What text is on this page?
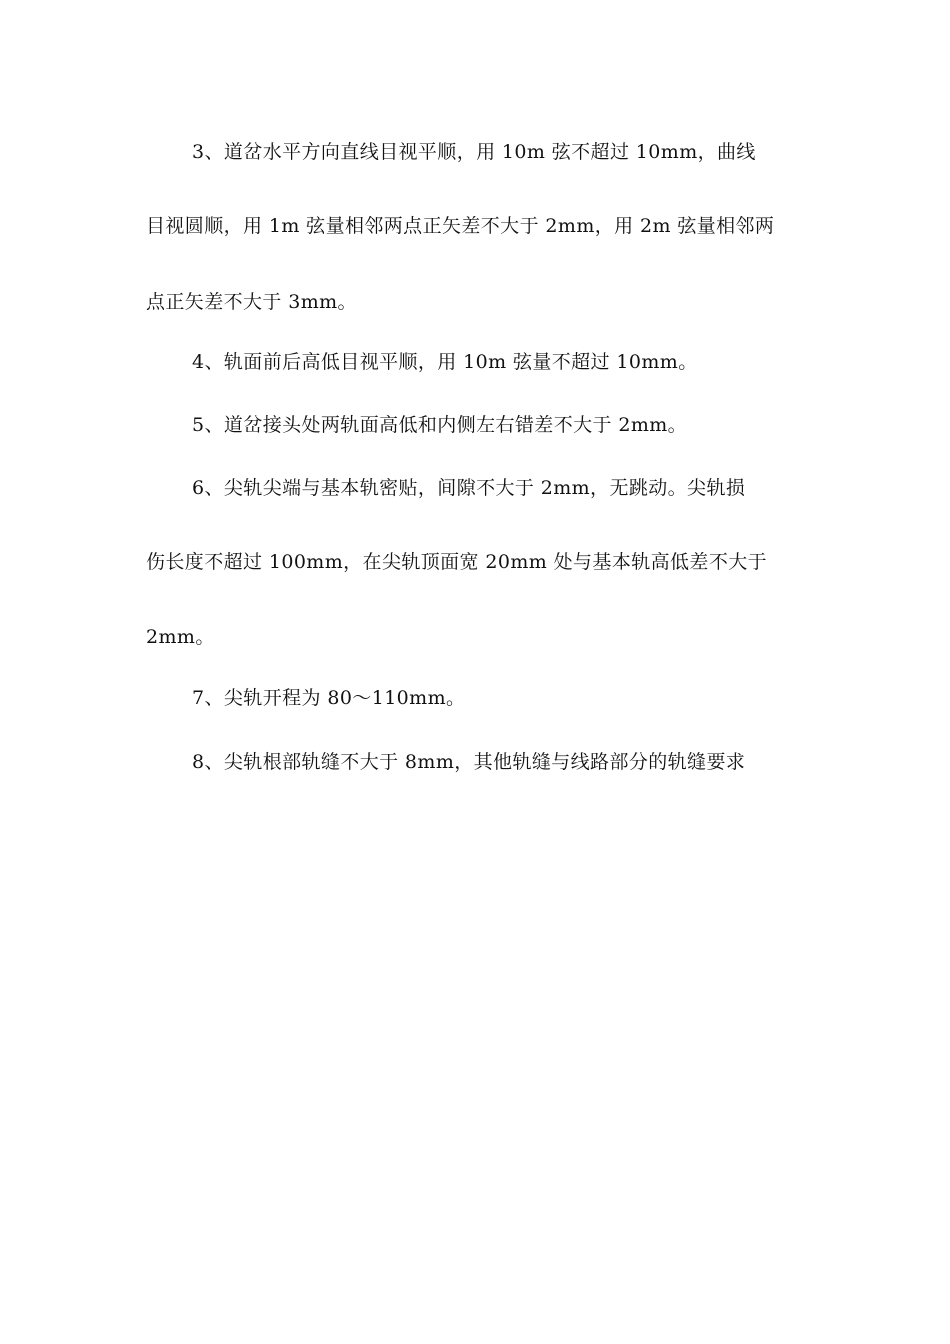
3、道岔水平方向直线目视平顺，用 10m 弦不超过 10mm，曲线
目视圆顺，用 1m 弦量相邻两点正矢差不大于 2mm，用 2m 弦量相邻两
点正矢差不大于 3mm。
4、轨面前后高低目视平顺，用 10m 弦量不超过 10mm。
5、道岔接头处两轨面高低和内侧左右错差不大于 2mm。
6、尖轨尖端与基本轨密贴，间隙不大于 2mm，无跳动。尖轨损
伤长度不超过 100mm，在尖轨顶面宽 20mm 处与基本轨高低差不大于
2mm。
7、尖轨开程为 80～110mm。
8、尖轨根部轨缝不大于 8mm，其他轨缝与线路部分的轨缝要求
